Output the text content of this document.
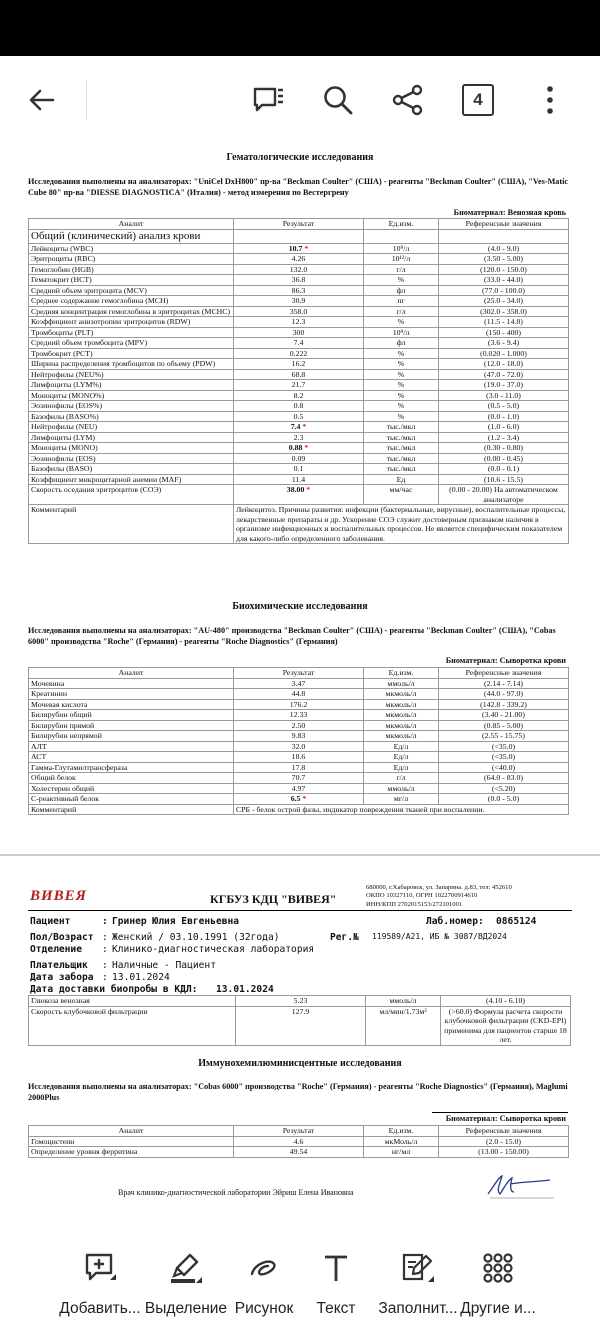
4
Гематологические исследования
Исследования выполнены на анализаторах: "UniCel DxH800" пр-ва "Beckman Coulter" (США) - реагенты "Beckman Coulter" (США), "Ves-Matic Cube 80" пр-ва "DIESSE DIAGNOSTICA" (Италия) - метод измерения по Вестергрену
Биоматериал: Венозная кровь
Аналит	Результат	Ед.изм.	Референсные значения
Общий (клинический) анализ крови			
Лейкоциты (WBC)	10.7 *	10⁹/л	(4.0 - 9.0)
Эритроциты (RBC)	4.26	10¹²/л	(3.50 - 5.00)
Гемоглобин (HGB)	132.0	г/л	(120.0 - 150.0)
Гематокрит (HCT)	36.8	%	(33.0 - 44.0)
Средний объем эритроцита (MCV)	86.3	фл	(77.0 - 100.0)
Среднее содержание гемоглобина (MCH)	30.9	пг	(25.0 - 34.0)
Средняя концентрация гемоглобина в эритроцитах (MCHC)	358.0	г/л	(302.0 - 358.0)
Коэффициент анизотропии эритроцитов (RDW)	12.3	%	(11.5 - 14.8)
Тромбоциты (PLT)	300	10⁹/л	(150 - 400)
Средний объем тромбоцита (MPV)	7.4	фл	(3.6 - 9.4)
Тромбокрит (PCT)	0.222	%	(0.020 - 1.000)
Ширина распределения тромбоцитов по объему (PDW)	16.2	%	(12.0 - 18.0)
Нейтрофилы (NEU%)	68.8	%	(47.0 - 72.0)
Лимфоциты (LYM%)	21.7	%	(19.0 - 37.0)
Моноциты (MONO%)	8.2	%	(3.0 - 11.0)
Эозинофилы (EOS%)	0.8	%	(0.5 - 5.0)
Базофилы (BASO%)	0.5	%	(0.0 - 1.0)
Нейтрофилы (NEU)	7.4 *	тыс./мкл	(1.0 - 6.0)
Лимфоциты (LYM)	2.3	тыс./мкл	(1.2 - 3.4)
Моноциты (MONO)	0.88 *	тыс./мкл	(0.30 - 0.80)
Эозинофилы (EOS)	0.09	тыс./мкл	(0.00 - 0.45)
Базофилы (BASO)	0.1	тыс./мкл	(0.0 - 0.1)
Коэффициент микроцитарной анемии (MAF)	11.4	Ед	(10.6 - 15.5)
Скорость оседания эритроцитов (СОЭ)	38.00 *	мм/час	(0.00 - 20.00) На автоматическом анализаторе
Комментарий	Лейкоцитоз. Причины развития: инфекции (бактериальные, вирусные), воспалительные процессы, лекарственные препараты и др. Ускорение СОЭ служит достоверным признаком наличия в организме инфекционных и воспалительных процессов. Не является специфическим показателем для какого-либо определенного заболевания.		
Биохимические исследования
Исследования выполнены на анализаторах: "AU-480" производства "Beckman Coulter" (США) - реагенты "Beckman Coulter" (США), "Cobas 6000" производства "Roche" (Германия) - реагенты "Roche Diagnostics" (Германия)
Биоматериал: Сыворотка крови
Аналит	Результат	Ед.изм.	Референсные значения
Мочевина	3.47	ммоль/л	(2.14 - 7.14)
Креатинин	44.8	мкмоль/л	(44.0 - 97.0)
Мочевая кислота	176.2	мкмоль/л	(142.8 - 339.2)
Билирубин общий	12.33	мкмоль/л	(3.40 - 21.00)
Билирубин прямой	2.50	мкмоль/л	(0.85 - 5.00)
Билирубин непрямой	9.83	мкмоль/л	(2.55 - 15.75)
АЛТ	32.0	Ед/л	(<35.0)
АСТ	18.6	Ед/л	(<35.0)
Гамма-Глутамилтрансфераза	17.8	Ед/л	(<40.0)
Общий белок	70.7	г/л	(64.0 - 83.0)
Холестерин общий	4.97	ммоль/л	(<5.20)
С-реактивный белок	6.5 *	мг/л	(0.0 - 5.0)
Комментарий	СРБ - белок острой фазы, индикатор повреждения тканей при воспалении.		
ВИВЕЯ	КГБУЗ КДЦ "ВИВЕЯ"
680000, г.Хабаровск, ул. Запарина. д.83, тел: 452610
ОКПО 10327110, ОГРН 1022700914610
ИНН/КПП 2702015153/272101001
Пациент	: Гринер Юлия Евгеньевна	Лаб.номер: 0865124
Пол/Возраст : Женский / 03.10.1991 (32года)	Рег.№ 119589/А21, ИБ № 3087/ВД2024
Отделение : Клинико-диагностическая лаборатория
Плательщик : Наличные - Пациент
Дата забора : 13.01.2024
Дата доставки биопробы в КДЛ: 13.01.2024
Глюкоза венозная	5.23	ммоль/л	(4.10 - 6.10)
Скорость клубочковой фильтрации	127.9	мл/мин/1.73м²	(>60.0) Формула расчета скорости клубочковой фильтрации (CKD-EPI) применима для пациентов старше 18 лет.
Иммунохемилюминисцентные исследования
Исследования выполнены на анализаторах: "Cobas 6000" производства "Roche" (Германия) - реагенты "Roche Diagnostics" (Германия), Maglumi 2000Plus
Биоматериал: Сыворотка крови
Аналит	Результат	Ед.изм.	Референсные значения
Гомоцистеин	4.6	мкМоль/л	(2.0 - 15.0)
Определение уровня ферритина	49.54	нг/мл	(13.00 - 150.00)
Врач клинико-диагностической лаборатории Эйриш Елена Ивановна
Добавить... Выделение Рисунок	Текст	Заполнит... Другие и...
